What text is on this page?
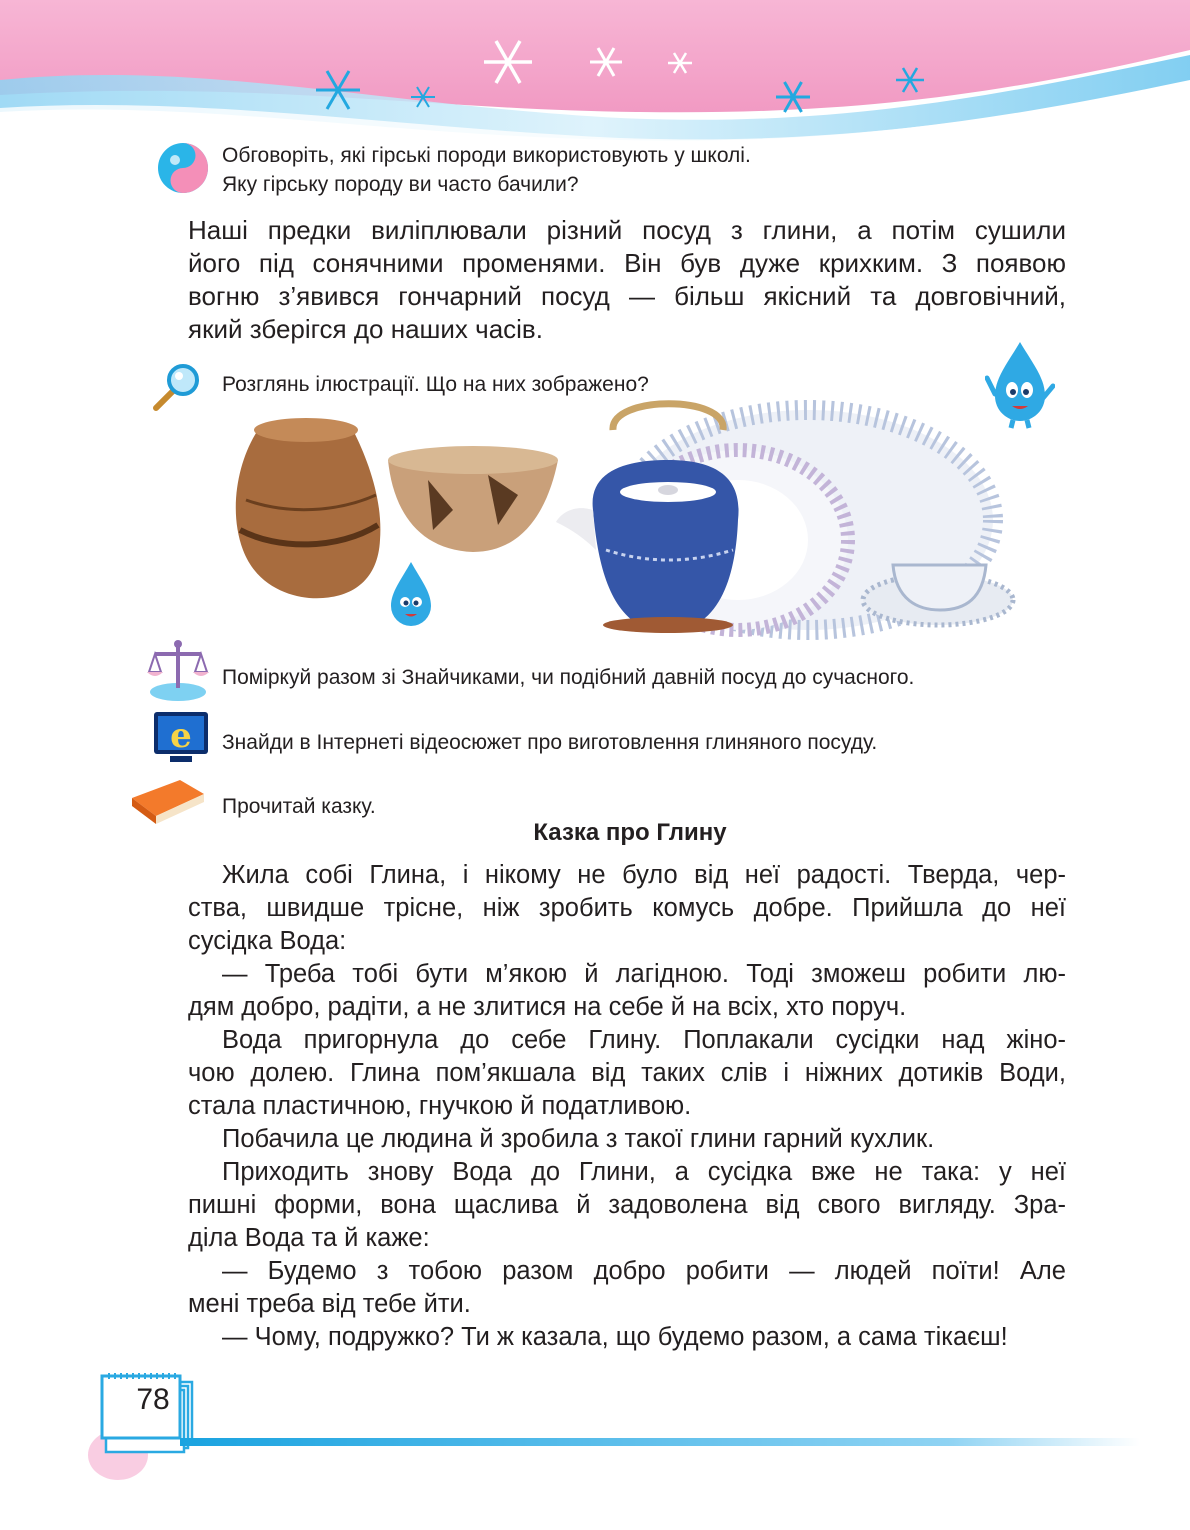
Обговоріть, які гірські породи використовують у школі.
Яку гірську породу ви часто бачили?
Наші предки виліплювали різний посуд з глини, а потім сушили
його під сонячними променями. Він був дуже крихким. З появою
вогню з’явився гончарний посуд — більш якісний та довговічний,
який зберігся до наших часів.
Розглянь ілюстрації. Що на них зображено?
Поміркуй разом зі Знайчиками, чи подібний давній посуд до сучасного.
e Знайди в Інтернеті відеосюжет про виготовлення глиняного посуду.
Прочитай казку.
Казка про Глину
Жила собі Глина, і нікому не було від неї радості. Тверда, чер-
ства, швидше трісне, ніж зробить комусь добре. Прийшла до неї
сусідка Вода:
— Треба тобі бути м’якою й лагідною. Тоді зможеш робити лю-
дям добро, радіти, а не злитися на себе й на всіх, хто поруч.
Вода пригорнула до себе Глину. Поплакали сусідки над жіно-
чою долею. Глина пом’якшала від таких слів і ніжних дотиків Води,
стала пластичною, гнучкою й податливою.
Побачила це людина й зробила з такої глини гарний кухлик.
Приходить знову Вода до Глини, а сусідка вже не така: у неї
пишні форми, вона щаслива й задоволена від свого вигляду. Зра-
діла Вода та й каже:
— Будемо з тобою разом добро робити — людей поїти! Але
мені треба від тебе йти.
— Чому, подружко? Ти ж казала, що будемо разом, а сама тікаєш!
78
